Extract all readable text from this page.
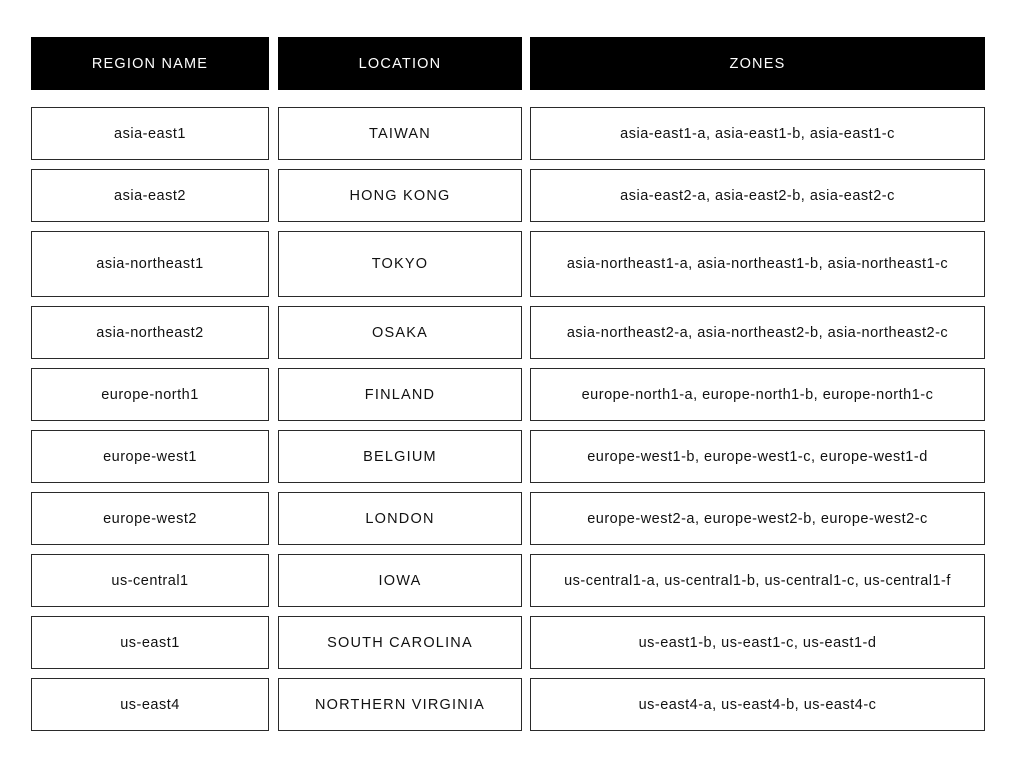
REGION NAME	LOCATION	ZONES
asia-east1	TAIWAN	asia-east1-a, asia-east1-b, asia-east1-c
asia-east2	HONG KONG	asia-east2-a, asia-east2-b, asia-east2-c
asia-northeast1	TOKYO	asia-northeast1-a, asia-northeast1-b, asia-northeast1-c
asia-northeast2	OSAKA	asia-northeast2-a, asia-northeast2-b, asia-northeast2-c
europe-north1	FINLAND	europe-north1-a, europe-north1-b, europe-north1-c
europe-west1	BELGIUM	europe-west1-b, europe-west1-c, europe-west1-d
europe-west2	LONDON	europe-west2-a, europe-west2-b, europe-west2-c
us-central1	IOWA	us-central1-a, us-central1-b, us-central1-c, us-central1-f
us-east1	SOUTH CAROLINA	us-east1-b, us-east1-c, us-east1-d
us-east4	NORTHERN VIRGINIA	us-east4-a, us-east4-b, us-east4-c
